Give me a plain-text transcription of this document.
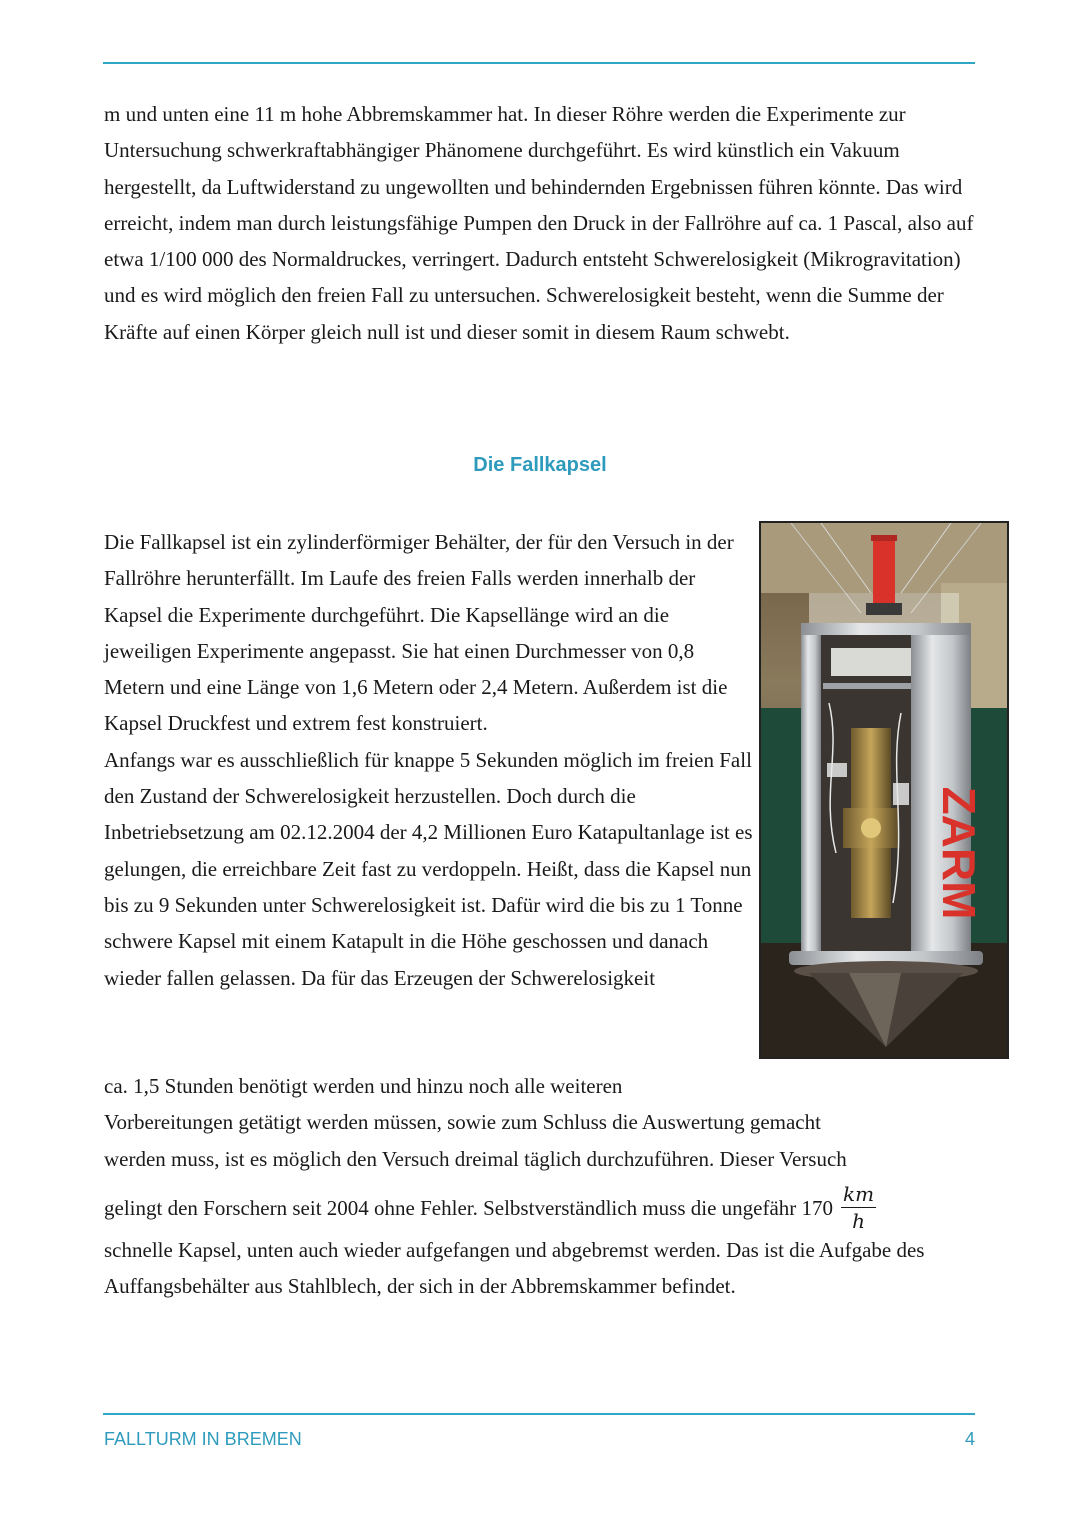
m und unten eine 11 m hohe Abbremskammer hat. In dieser Röhre werden die Experimente zur Untersuchung schwerkraftabhängiger Phänomene durchgeführt. Es wird künstlich ein Vakuum hergestellt, da Luftwiderstand zu ungewollten und behindernden Ergebnissen führen könnte. Das wird erreicht, indem man durch leistungsfähige Pumpen den Druck in der Fallröhre auf ca. 1 Pascal, also auf etwa 1/100 000 des Normaldruckes, verringert. Dadurch entsteht Schwerelosigkeit (Mikrogravitation) und es wird möglich den freien Fall zu untersuchen. Schwerelosigkeit besteht, wenn die Summe der Kräfte auf einen Körper gleich null ist und dieser somit in diesem Raum schwebt.

Die Fallkapsel

Die Fallkapsel ist ein zylinderförmiger Behälter, der für den Versuch in der Fallröhre herunterfällt. Im Laufe des freien Falls werden innerhalb der Kapsel die Experimente durchgeführt. Die Kapsellänge wird an die jeweiligen Experimente angepasst. Sie hat einen Durchmesser von 0,8 Metern und eine Länge von 1,6 Metern oder 2,4 Metern. Außerdem ist die Kapsel Druckfest und extrem fest konstruiert.

Anfangs war es ausschließlich für knappe 5 Sekunden möglich im freien Fall den Zustand der Schwerelosigkeit herzustellen. Doch durch die Inbetriebsetzung am 02.12.2004 der 4,2 Millionen Euro Katapultanlage ist es gelungen, die erreichbare Zeit fast zu verdoppeln. Heißt, dass die Kapsel nun bis zu 9 Sekunden unter Schwerelosigkeit ist. Dafür wird die bis zu 1 Tonne schwere Kapsel mit einem Katapult in die Höhe geschossen und danach wieder fallen gelassen. Da für das Erzeugen der Schwerelosigkeit

ZARM
ca. 1,5 Stunden benötigt werden und hinzu noch alle weiteren
Vorbereitungen getätigt werden müssen, sowie zum Schluss die Auswertung gemacht
werden muss, ist es möglich den Versuch dreimal täglich durchzuführen. Dieser Versuch
gelingt den Forschern seit 2004 ohne Fehler. Selbstverständlich muss die ungefähr $170 \frac{km}{h}$

schnelle Kapsel, unten auch wieder aufgefangen und abgebremst werden. Das ist die Aufgabe des Auffangsbehälter aus Stahlblech, der sich in der Abbremskammer befindet.

FALLTURM IN BREMEN	4
